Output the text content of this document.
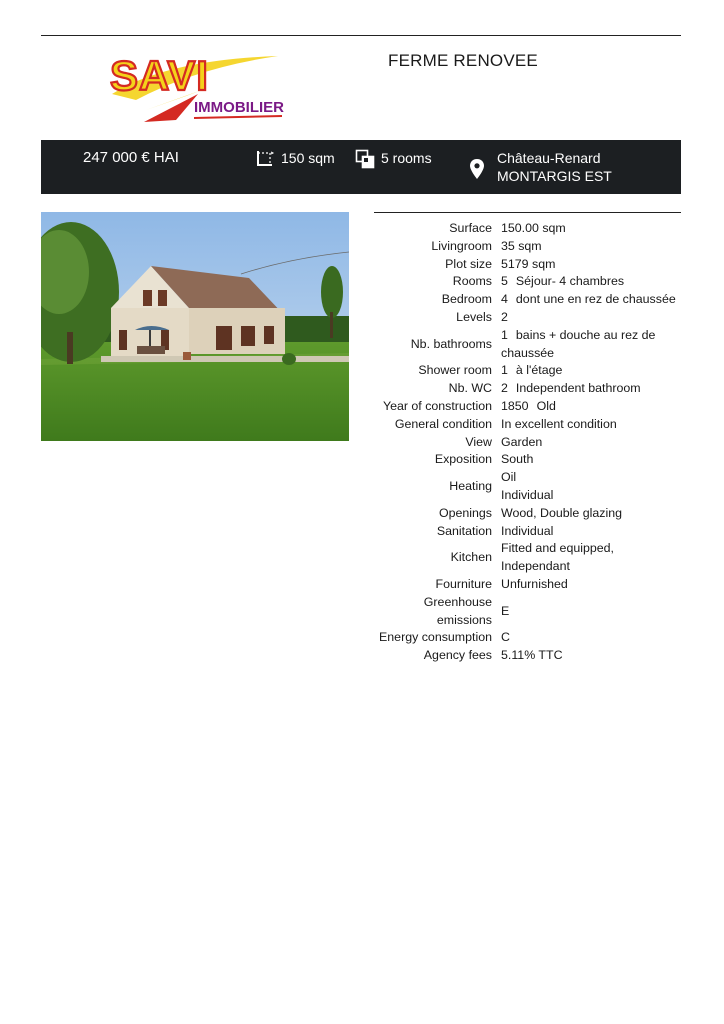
SAVI
IMMOBILIER
FERME RENOVEE
247 000 € HAI	150 sqm	5 rooms	Château-Renard
MONTARGIS EST
Surface	150.00 sqm
Livingroom	35 sqm
Plot size	5179 sqm
Rooms	5 Séjour- 4 chambres
Bedroom	4 dont une en rez de chaussée
Levels	2
Nb. bathrooms	1 bains + douche au rez de
chaussée
Shower room	1 à l'étage
Nb. WC	2 Independent bathroom
Year of construction	1850 Old
General condition	In excellent condition
View	Garden
Exposition	South
Heating	Oil
Individual
Openings	Wood, Double glazing
Sanitation	Individual
Kitchen	Fitted and equipped,
Independant
Fourniture	Unfurnished
Greenhouse
emissions	E
Energy consumption	C
Agency fees	5.11% TTC
